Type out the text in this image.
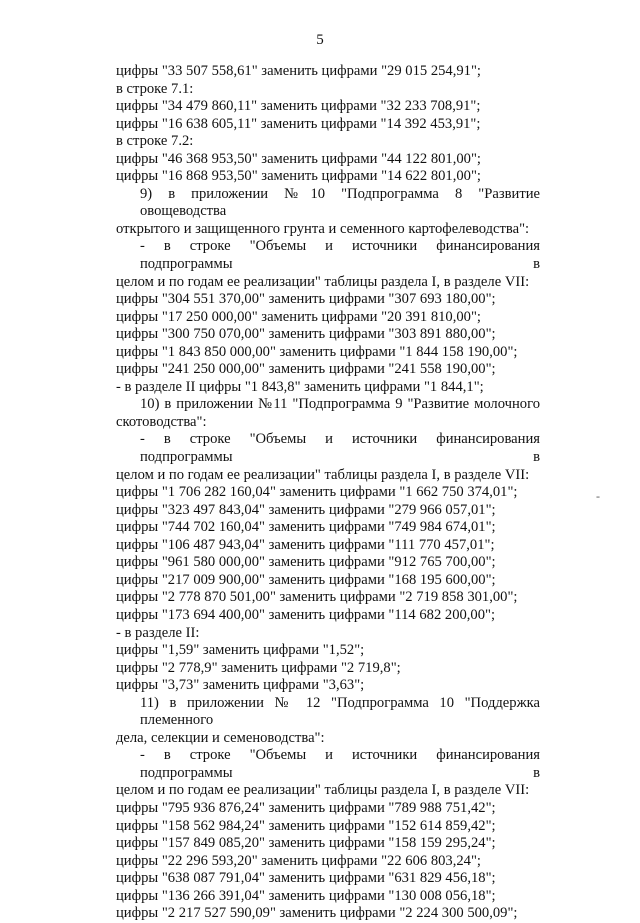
5
цифры "33 507 558,61" заменить цифрами "29 015 254,91";
в строке 7.1:
цифры "34 479 860,11" заменить цифрами "32 233 708,91";
цифры "16 638 605,11" заменить цифрами "14 392 453,91";
в строке 7.2:
цифры "46 368 953,50" заменить цифрами "44 122 801,00";
цифры "16 868 953,50" заменить цифрами "14 622 801,00";
9) в приложении №10 "Подпрограмма 8 "Развитие овощеводства
открытого и защищенного грунта и семенного картофелеводства":
- в строке "Объемы и источники финансирования подпрограммы в
целом и по годам ее реализации" таблицы раздела I, в разделе VII:
цифры "304 551 370,00" заменить цифрами "307 693 180,00";
цифры "17 250 000,00" заменить цифрами "20 391 810,00";
цифры "300 750 070,00" заменить цифрами "303 891 880,00";
цифры "1 843 850 000,00" заменить цифрами "1 844 158 190,00";
цифры "241 250 000,00" заменить цифрами "241 558 190,00";
- в разделе II цифры "1 843,8" заменить цифрами "1 844,1";
10) в приложении №11 "Подпрограмма 9 "Развитие молочного
скотоводства":
- в строке "Объемы и источники финансирования подпрограммы в
целом и по годам ее реализации" таблицы раздела I, в разделе VII:
цифры "1 706 282 160,04" заменить цифрами "1 662 750 374,01";
цифры "323 497 843,04" заменить цифрами "279 966 057,01";
цифры "744 702 160,04" заменить цифрами "749 984 674,01";
цифры "106 487 943,04" заменить цифрами "111 770 457,01";
цифры "961 580 000,00" заменить цифрами "912 765 700,00";
цифры "217 009 900,00" заменить цифрами "168 195 600,00";
цифры "2 778 870 501,00" заменить цифрами "2 719 858 301,00";
цифры "173 694 400,00" заменить цифрами "114 682 200,00";
- в разделе II:
цифры "1,59" заменить цифрами "1,52";
цифры "2 778,9" заменить цифрами "2 719,8";
цифры "3,73" заменить цифрами "3,63";
11) в приложении № 12 "Подпрограмма 10 "Поддержка племенного
дела, селекции и семеноводства":
- в строке "Объемы и источники финансирования подпрограммы в
целом и по годам ее реализации" таблицы раздела I, в разделе VII:
цифры "795 936 876,24" заменить цифрами "789 988 751,42";
цифры "158 562 984,24" заменить цифрами "152 614 859,42";
цифры "157 849 085,20" заменить цифрами "158 159 295,24";
цифры "22 296 593,20" заменить цифрами "22 606 803,24";
цифры "638 087 791,04" заменить цифрами "631 829 456,18";
цифры "136 266 391,04" заменить цифрами "130 008 056,18";
цифры "2 217 527 590,09" заменить цифрами "2 224 300 500,09";
-
